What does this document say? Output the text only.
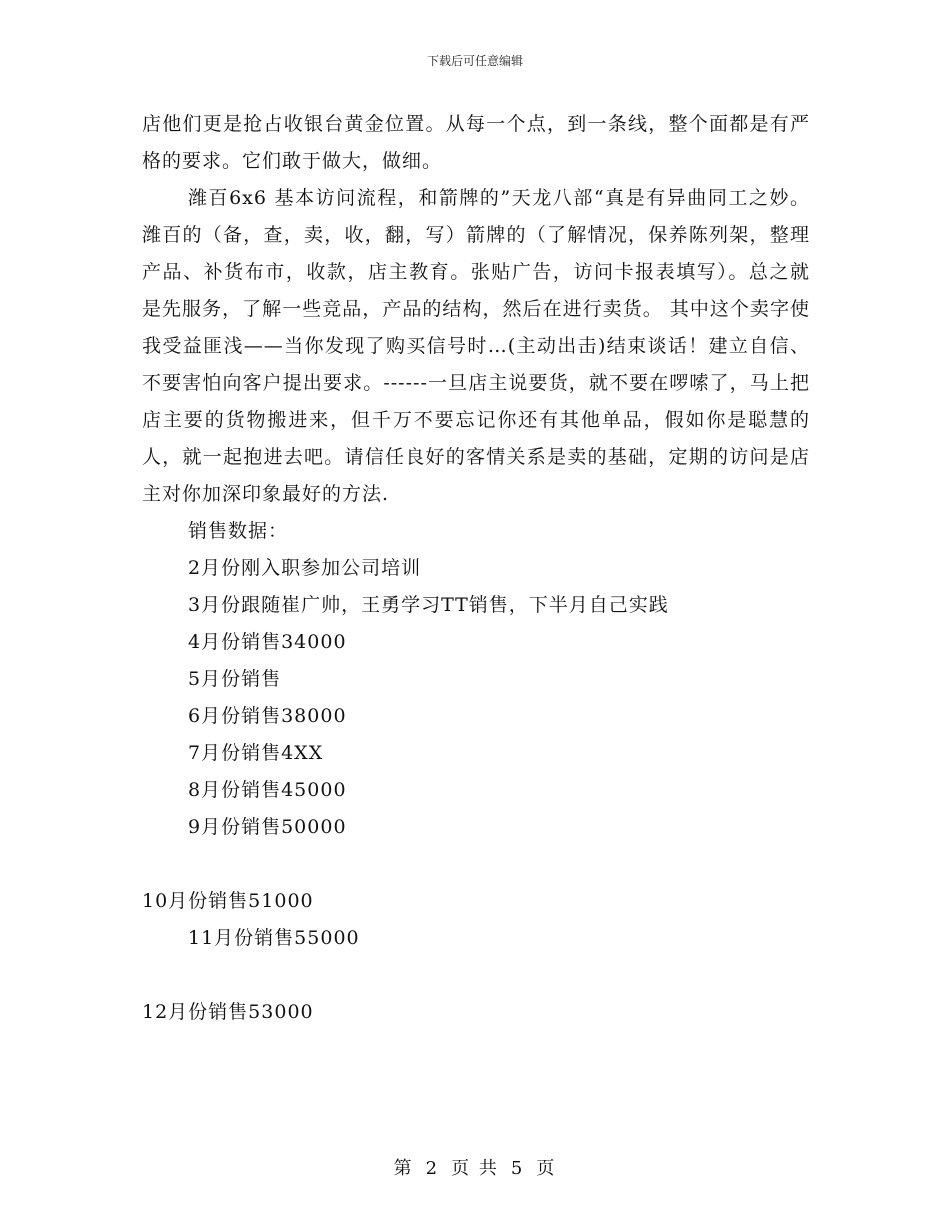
下载后可任意编辑

店他们更是抢占收银台黄金位置。从每一个点，到一条线，整个面都是有严格的要求。它们敢于做大，做细。

潍百6x6 基本访问流程，和箭牌的”天龙八部“真是有异曲同工之妙。潍百的（备，查，卖，收，翻，写）箭牌的（了解情况，保养陈列架，整理产品、补货布市，收款，店主教育。张贴广告，访问卡报表填写）。总之就是先服务，了解一些竞品，产品的结构，然后在进行卖货。 其中这个卖字使我受益匪浅——当你发现了购买信号时…(主动出击)结束谈话！建立自信、不要害怕向客户提出要求。------一旦店主说要货，就不要在啰嗦了，马上把店主要的货物搬进来，但千万不要忘记你还有其他单品，假如你是聪慧的人，就一起抱进去吧。请信任良好的客情关系是卖的基础，定期的访问是店主对你加深印象最好的方法.

销售数据：

2月份刚入职参加公司培训

3月份跟随崔广帅，王勇学习TT销售，下半月自己实践

4月份销售34000

5月份销售

6月份销售38000

7月份销售4XX

8月份销售45000

9月份销售50000

10月份销售51000

11月份销售55000

12月份销售53000

第 2 页 共 5 页
